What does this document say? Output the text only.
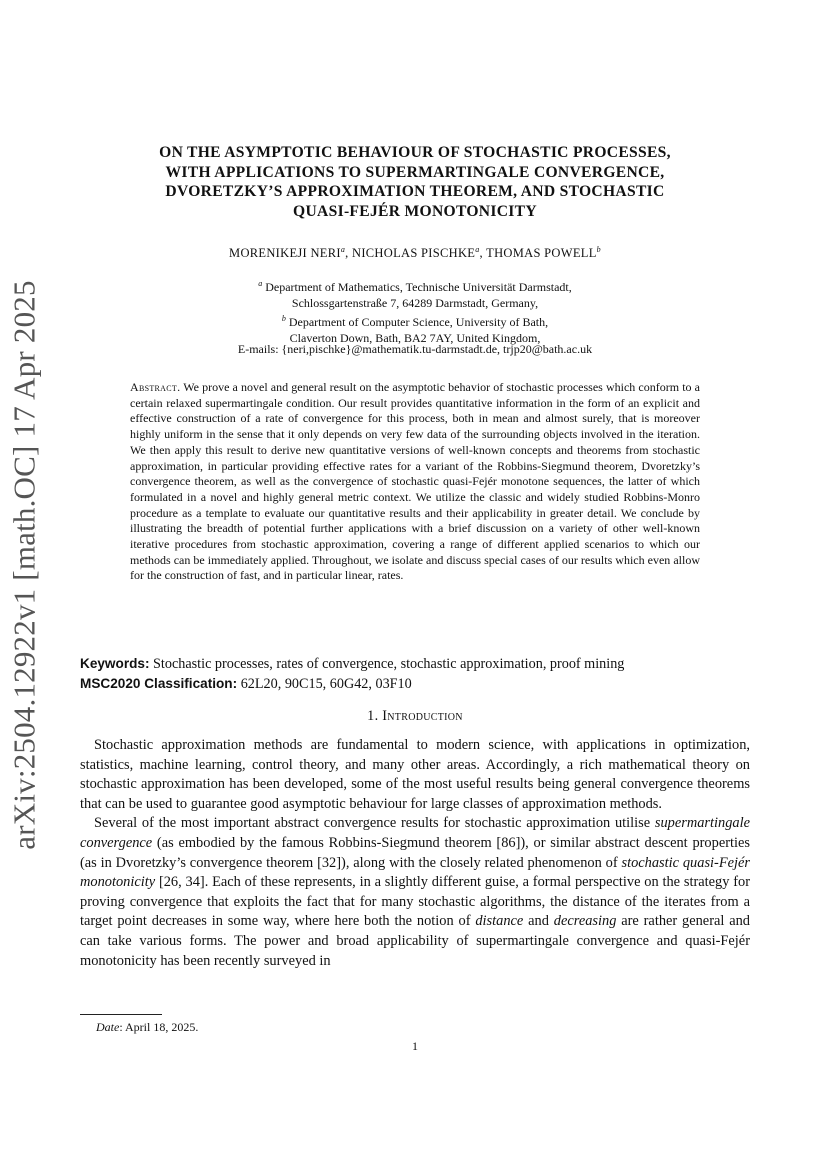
arXiv:2504.12922v1 [math.OC] 17 Apr 2025
ON THE ASYMPTOTIC BEHAVIOUR OF STOCHASTIC PROCESSES,
WITH APPLICATIONS TO SUPERMARTINGALE CONVERGENCE,
DVORETZKY’S APPROXIMATION THEOREM, AND STOCHASTIC
QUASI-FEJÉR MONOTONICITY
MORENIKEJI NERI$^a$, NICHOLAS PISCHKE$^a$, THOMAS POWELL$^b$
$^a$ Department of Mathematics, Technische Universität Darmstadt,
Schlossgartenstraße 7, 64289 Darmstadt, Germany,
$^b$ Department of Computer Science, University of Bath,
Claverton Down, Bath, BA2 7AY, United Kingdom,
E-mails: {neri,pischke}@mathematik.tu-darmstadt.de, trjp20@bath.ac.uk
Abstract. We prove a novel and general result on the asymptotic behavior of stochastic processes which conform to a certain relaxed supermartingale condition. Our result provides quantitative information in the form of an explicit and effective construction of a rate of convergence for this process, both in mean and almost surely, that is moreover highly uniform in the sense that it only depends on very few data of the surrounding objects involved in the iteration. We then apply this result to derive new quantitative versions of well-known concepts and theorems from stochastic approximation, in particular providing effective rates for a variant of the Robbins-Siegmund theorem, Dvoretzky’s convergence theorem, as well as the convergence of stochastic quasi-Fejér monotone sequences, the latter of which formulated in a novel and highly general metric context. We utilize the classic and widely studied Robbins-Monro procedure as a template to evaluate our quantitative results and their applicability in greater detail. We conclude by illustrating the breadth of potential further applications with a brief discussion on a variety of other well-known iterative procedures from stochastic approximation, covering a range of different applied scenarios to which our methods can be immediately applied. Throughout, we isolate and discuss special cases of our results which even allow for the construction of fast, and in particular linear, rates.
Keywords: Stochastic processes, rates of convergence, stochastic approximation, proof mining
MSC2020 Classification: 62L20, 90C15, 60G42, 03F10
1. Introduction

Stochastic approximation methods are fundamental to modern science, with applications in optimization, statistics, machine learning, control theory, and many other areas. Accordingly, a rich mathematical theory on stochastic approximation has been developed, some of the most useful results being general convergence theorems that can be used to guarantee good asymptotic behaviour for large classes of approximation methods.

Several of the most important abstract convergence results for stochastic approximation utilise supermartingale convergence (as embodied by the famous Robbins-Siegmund theorem [86]), or similar abstract descent properties (as in Dvoretzky’s convergence theorem [32]), along with the closely related phenomenon of stochastic quasi-Fejér monotonicity [26, 34]. Each of these represents, in a slightly different guise, a formal perspective on the strategy for proving convergence that exploits the fact that for many stochastic algorithms, the distance of the iterates from a target point decreases in some way, where here both the notion of distance and decreasing are rather general and can take various forms. The power and broad applicability of supermartingale convergence and quasi-Fejér monotonicity has been recently surveyed in

Date: April 18, 2025.
1
